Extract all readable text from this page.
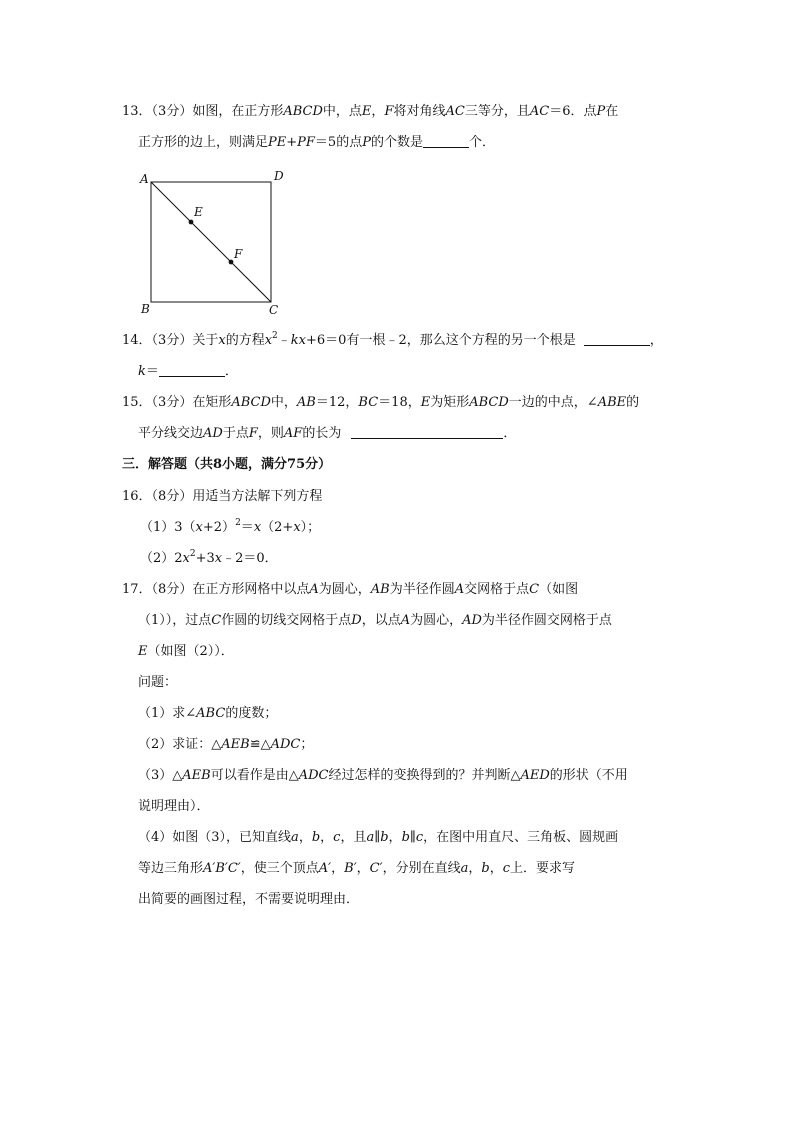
13．（3分）如图，在正方形ABCD中，点E，F将对角线AC三等分，且AC＝6．点P在
正方形的边上，则满足PE+PF＝5的点P的个数是	个．
A	D
B	C
E
F
14．（3分）关于x的方程$x^2﹣kx+6=0$有一根﹣2，那么这个方程的另一个根是	，
k＝	．
15．（3分）在矩形ABCD中，AB＝12，BC＝18，E为矩形ABCD一边的中点，∠ABE的
平分线交边AD于点F，则AF的长为	．
三．解答题（共8小题，满分75分）
16．（8分）用适当方法解下列方程
$(1)3(x+2)^2=x(2+x)$；
$(2)2x^2+3x﹣2=0$．
17．（8分）在正方形网格中以点A为圆心，AB为半径作圆A交网格于点C（如图
（1）），过点C作圆的切线交网格于点D，以点A为圆心，AD为半径作圆交网格于点
E（如图（2））．
问题：
（1）求∠ABC的度数；
（2）求证：△AEB≌△ADC；
（3）△AEB可以看作是由△ADC经过怎样的变换得到的？并判断△AED的形状（不用
说明理由）．
（4）如图（3），已知直线a，b，c，且a∥b，b∥c，在图中用直尺、三角板、圆规画
等边三角形A′B′C′，使三个顶点A′，B′，C′，分别在直线a，b，c上．要求写
出简要的画图过程，不需要说明理由．
